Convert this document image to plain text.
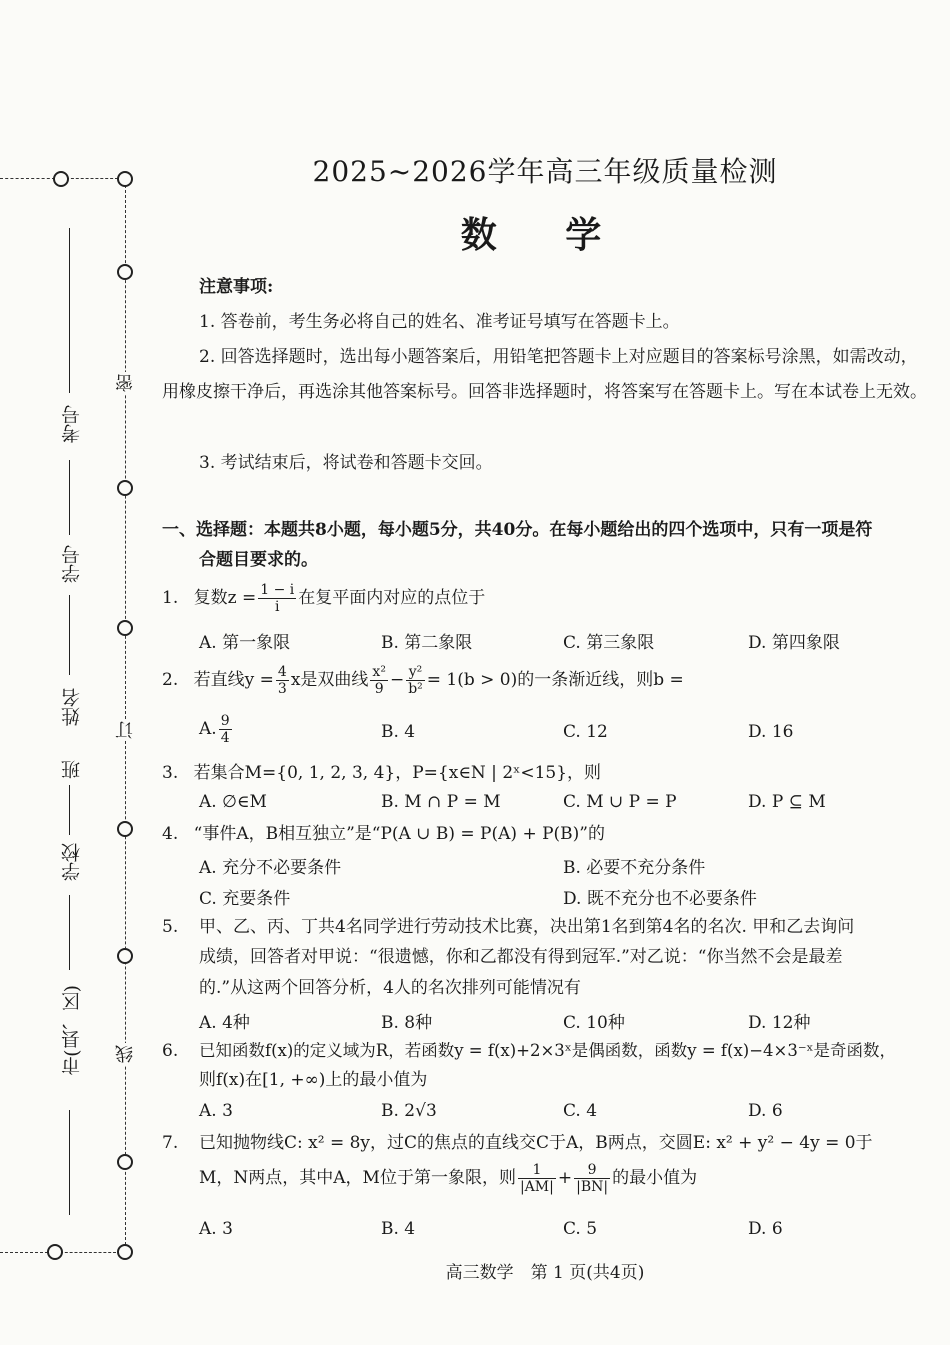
密
订
线
考号
学号
姓名
班
学校
市(县、区)
2025~2026学年高三年级质量检测
数 学
注意事项:
1. 答卷前，考生务必将自己的姓名、准考证号填写在答题卡上。
2. 回答选择题时，选出每小题答案后，用铅笔把答题卡上对应题目的答案标号涂黑，如需改动，用橡皮擦干净后，再选涂其他答案标号。回答非选择题时，将答案写在答题卡上。写在本试卷上无效。
3. 考试结束后，将试卷和答题卡交回。
一、选择题：本题共8小题，每小题5分，共40分。在每小题给出的四个选项中，只有一项是符
合题目要求的。
1. 复数$z = \frac{1 - i}{i}$ 在复平面内对应的点位于
A. 第一象限	B. 第二象限	C. 第三象限	D. 第四象限
2. 若直线$y = \frac{4}{3}$ x是双曲线 $\frac{\text{x²}}{9} - \frac{\text{y²}}{\text{b²}} = 1(b > 0)$的一条渐近线，则b =
A. $\frac{9}{4}$	B. 4	C. 12	D. 16
3. 若集合M={0, 1, 2, 3, 4}，P={x∈N | 2ˣ<15}，则
A. ∅∈M	B. M ∩ P = M	C. M ∪ P = P	D. P ⊆ M
4. “事件A，B相互独立”是“P(A ∪ B) = P(A) + P(B)”的
A. 充分不必要条件	B. 必要不充分条件
C. 充要条件	D. 既不充分也不必要条件
5. 甲、乙、丙、丁共4名同学进行劳动技术比赛，决出第1名到第4名的名次. 甲和乙去询问
成绩，回答者对甲说：“很遗憾，你和乙都没有得到冠军.”对乙说：“你当然不会是最差
的.”从这两个回答分析，4人的名次排列可能情况有
A. 4种	B. 8种	C. 10种	D. 12种
6. 已知函数f(x)的定义域为R，若函数y = f(x)+2×3ˣ是偶函数，函数y = f(x)−4×3⁻ˣ是奇函数，
则f(x)在[1, +∞)上的最小值为
A. 3	B. 2√3	C. 4	D. 6
7. 已知抛物线C: x² = 8y，过C的焦点的直线交C于A，B两点，交圆E: x² + y² − 4y = 0于
M，N两点，其中A，M位于第一象限，则 $\frac{1}{|AM|} + \frac{9}{|BN|}$ 的最小值为
A. 3	B. 4	C. 5	D. 6
高三数学　第 1 页(共4页)
